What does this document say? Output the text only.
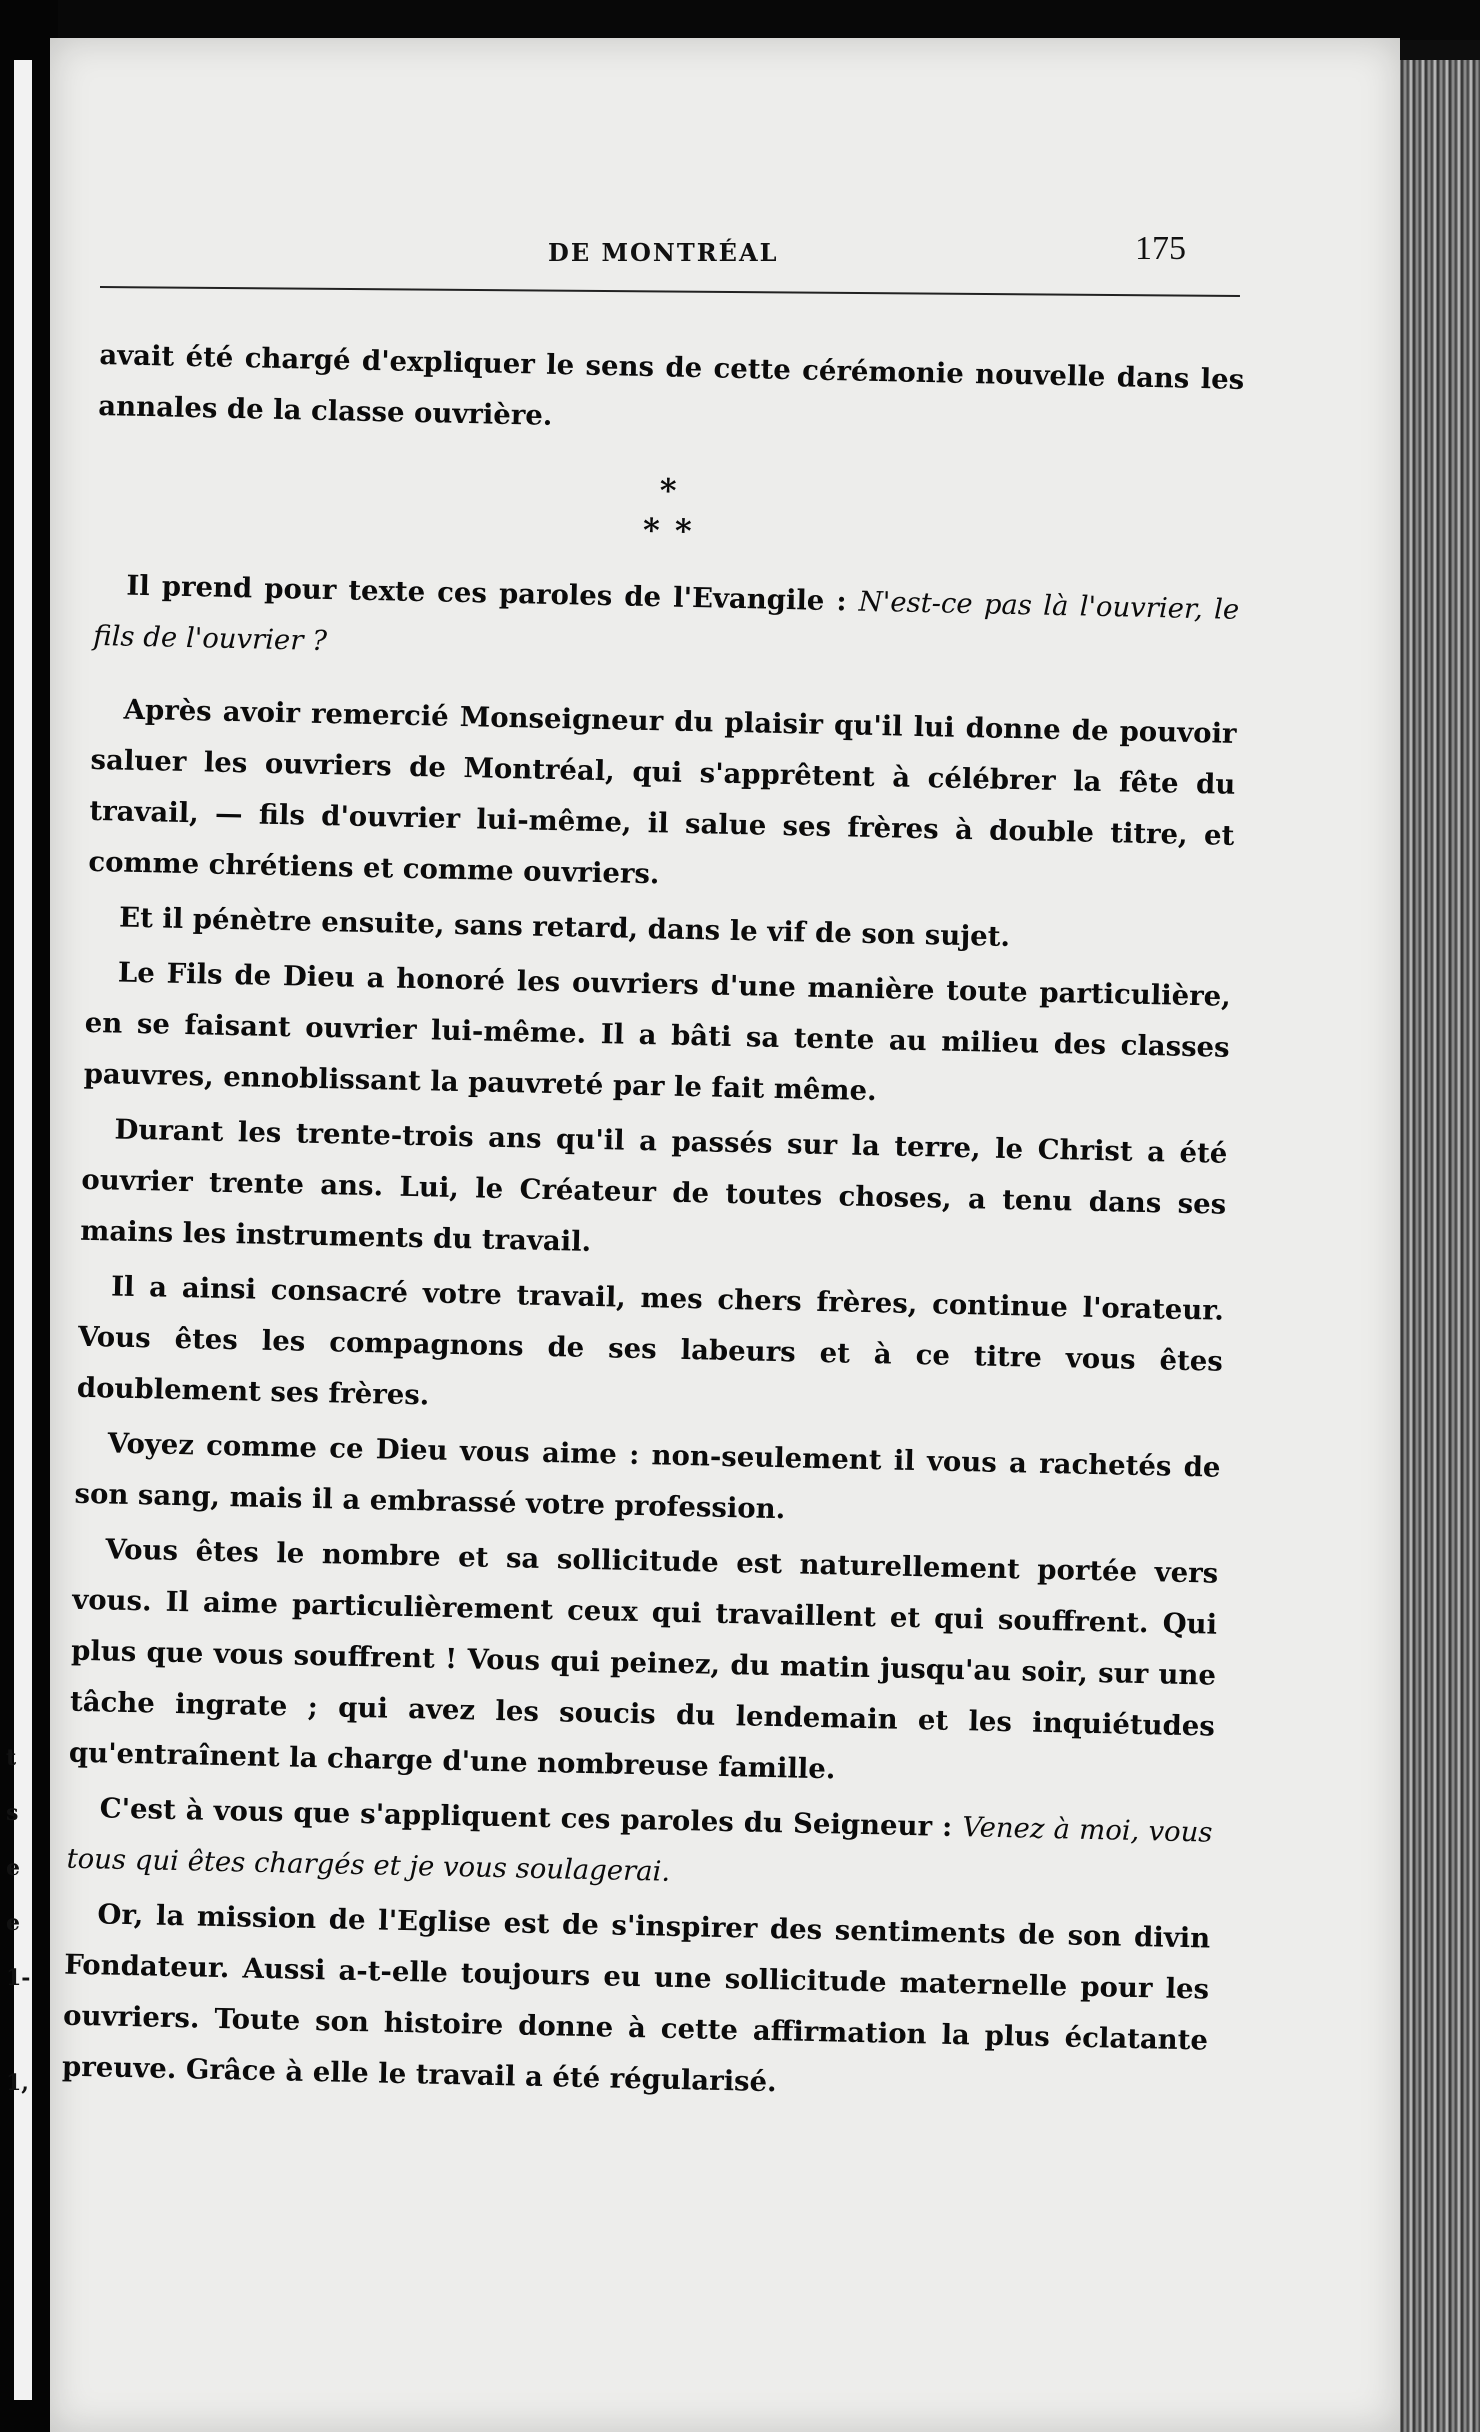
DE MONTRÉAL	175

avait été chargé d'expliquer le sens de cette cérémonie nouvelle dans les annales de la classe ouvrière.

*
* *

Il prend pour texte ces paroles de l'Evangile : N'est-ce pas là l'ouvrier, le fils de l'ouvrier ?

Après avoir remercié Monseigneur du plaisir qu'il lui donne de pouvoir saluer les ouvriers de Montréal, qui s'apprêtent à célébrer la fête du travail, — fils d'ouvrier lui-même, il salue ses frères à double titre, et comme chrétiens et comme ouvriers.

Et il pénètre ensuite, sans retard, dans le vif de son sujet.

Le Fils de Dieu a honoré les ouvriers d'une manière toute particulière, en se faisant ouvrier lui-même. Il a bâti sa tente au milieu des classes pauvres, ennoblissant la pauvreté par le fait même.

Durant les trente-trois ans qu'il a passés sur la terre, le Christ a été ouvrier trente ans. Lui, le Créateur de toutes choses, a tenu dans ses mains les instruments du travail.

Il a ainsi consacré votre travail, mes chers frères, continue l'orateur. Vous êtes les compagnons de ses labeurs et à ce titre vous êtes doublement ses frères.

Voyez comme ce Dieu vous aime : non-seulement il vous a rachetés de son sang, mais il a embrassé votre profession.

Vous êtes le nombre et sa sollicitude est naturellement portée vers vous. Il aime particulièrement ceux qui travaillent et qui souffrent. Qui plus que vous souffrent ! Vous qui peinez, du matin jusqu'au soir, sur une tâche ingrate ; qui avez les soucis du lendemain et les inquiétudes qu'entraînent la charge d'une nombreuse famille.

C'est à vous que s'appliquent ces paroles du Seigneur : Venez à moi, vous tous qui êtes chargés et je vous soulagerai.

Or, la mission de l'Eglise est de s'inspirer des sentiments de son divin Fondateur. Aussi a-t-elle toujours eu une sollicitude maternelle pour les ouvriers. Toute son histoire donne à cette affirmation la plus éclatante preuve. Grâce à elle le travail a été régularisé.

t
s
e
e
1-
1,
